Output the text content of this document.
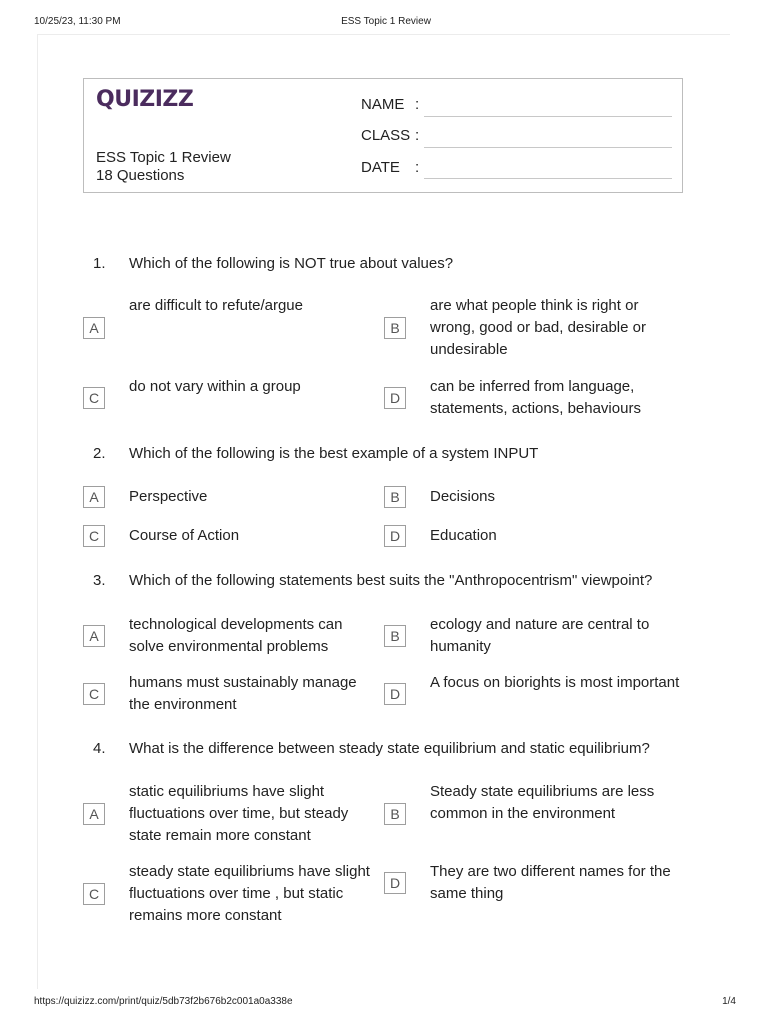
10/25/23, 11:30 PM	ESS Topic 1 Review
QUIZIZZ
ESS Topic 1 Review
18 Questions
NAME :
CLASS :
DATE :
1. Which of the following is NOT true about values?
A
are difficult to refute/argue
B
are what people think is right or wrong, good or bad, desirable or undesirable
C
do not vary within a group
D
can be inferred from language, statements, actions, behaviours
2. Which of the following is the best example of a system INPUT
A	Perspective	B	Decisions
C	Course of Action	D	Education
3. Which of the following statements best suits the "Anthropocentrism" viewpoint?
A
technological developments can solve environmental problems
B
ecology and nature are central to humanity
C
humans must sustainably manage the environment
D
A focus on biorights is most important
4. What is the difference between steady state equilibrium and static equilibrium?
A
static equilibriums have slight fluctuations over time, but steady state remain more constant
B
Steady state equilibriums are less common in the environment
C
steady state equilibriums have slight fluctuations over time , but static remains more constant
D
They are two different names for the same thing
https://quizizz.com/print/quiz/5db73f2b676b2c001a0a338e	1/4
